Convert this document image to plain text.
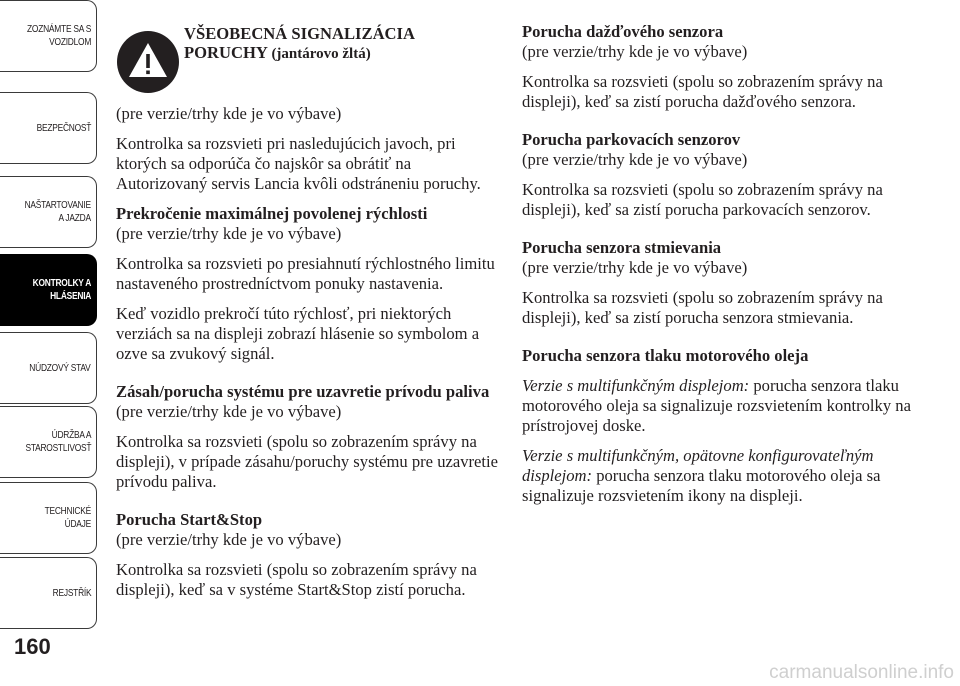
ZOZNÁMTE SA S
VOZIDLOM
BEZPEČNOSŤ
NAŠTARTOVANIE
A JAZDA
KONTROLKY A
HLÁSENIA
NÚDZOVÝ STAV
ÚDRŽBA A
STAROSTLIVOSŤ
TECHNICKÉ
ÚDAJE
REJSTŘÍK
160
VŠEOBECNÁ SIGNALIZÁCIA
PORUCHY (jantárovo žltá)

(pre verzie/trhy kde je vo výbave)

Kontrolka sa rozsvieti pri nasledujúcich javoch, pri ktorých sa odporúča čo najskôr sa obrátiť na Autorizovaný servis Lancia kvôli odstráneniu poruchy.

Prekročenie maximálnej povolenej rýchlosti

(pre verzie/trhy kde je vo výbave)

Kontrolka sa rozsvieti po presiahnutí rýchlostného limitu nastaveného prostredníctvom ponuky nastavenia.

Keď vozidlo prekročí túto rýchlosť, pri niektorých verziách sa na displeji zobrazí hlásenie so symbolom a ozve sa zvukový signál.

Zásah/porucha systému pre uzavretie prívodu paliva

(pre verzie/trhy kde je vo výbave)

Kontrolka sa rozsvieti (spolu so zobrazením správy na displeji), v prípade zásahu/poruchy systému pre uzavretie prívodu paliva.

Porucha Start&Stop

(pre verzie/trhy kde je vo výbave)

Kontrolka sa rozsvieti (spolu so zobrazením správy na displeji), keď sa v systéme Start&Stop zistí porucha.

Porucha dažďového senzora

(pre verzie/trhy kde je vo výbave)

Kontrolka sa rozsvieti (spolu so zobrazením správy na displeji), keď sa zistí porucha dažďového senzora.

Porucha parkovacích senzorov

(pre verzie/trhy kde je vo výbave)

Kontrolka sa rozsvieti (spolu so zobrazením správy na displeji), keď sa zistí porucha parkovacích senzorov.

Porucha senzora stmievania

(pre verzie/trhy kde je vo výbave)

Kontrolka sa rozsvieti (spolu so zobrazením správy na displeji), keď sa zistí porucha senzora stmievania.

Porucha senzora tlaku motorového oleja

Verzie s multifunkčným displejom: porucha senzora tlaku motorového oleja sa signalizuje rozsvietením kontrolky na prístrojovej doske.

Verzie s multifunkčným, opätovne konfigurovateľným displejom: porucha senzora tlaku motorového oleja sa signalizuje rozsvietením ikony na displeji.

carmanualsonline.info
